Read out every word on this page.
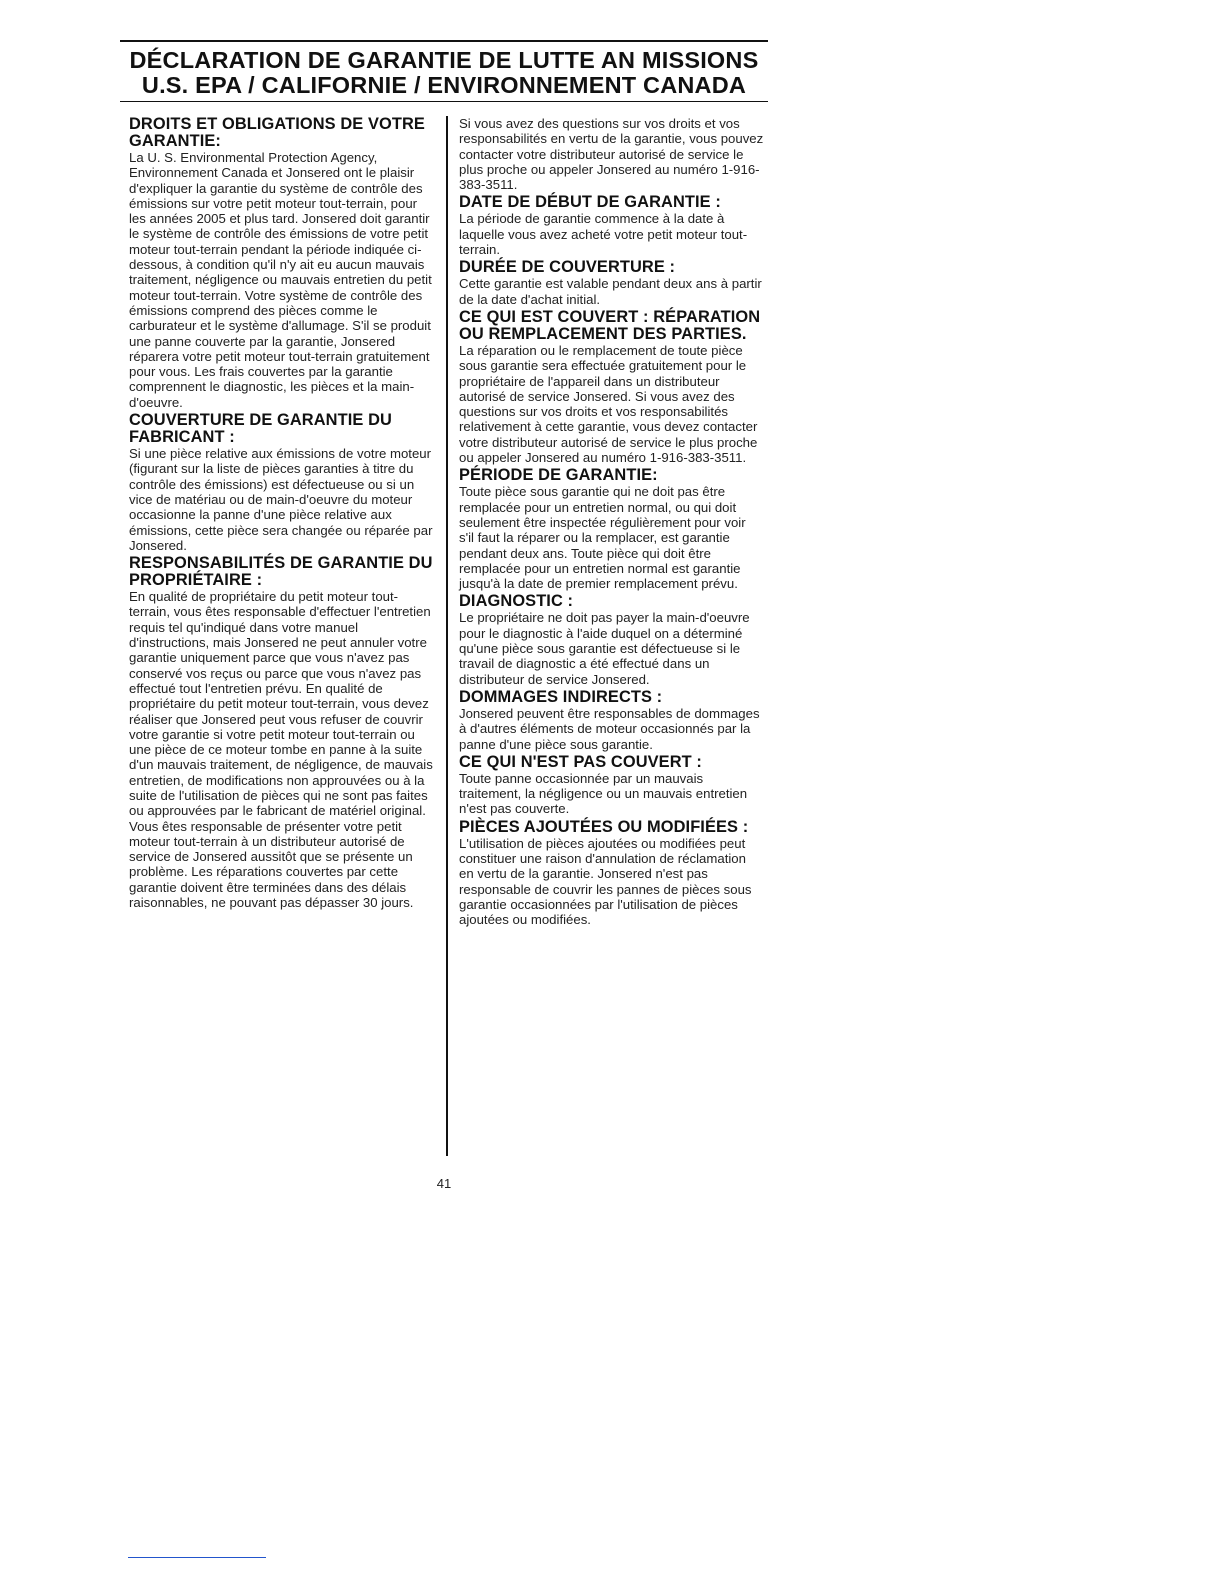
DÉCLARATION DE GARANTIE DE LUTTE AN MISSIONS
U.S. EPA / CALIFORNIE / ENVIRONNEMENT CANADA
DROITS ET OBLIGATIONS DE VOTRE GARANTIE:

La U. S. Environmental Protection Agency, Environnement Canada et Jonsered ont le plaisir d'expliquer la garantie du système de contrôle des émissions sur votre petit moteur tout-terrain, pour les années 2005 et plus tard. Jonsered doit garantir le système de contrôle des émissions de votre petit moteur tout-terrain pendant la période indiquée ci-dessous, à condition qu'il n'y ait eu aucun mauvais traitement, négligence ou mauvais entretien du petit moteur tout-terrain. Votre système de contrôle des émissions comprend des pièces comme le carburateur et le système d'allumage. S'il se produit une panne couverte par la garantie, Jonsered réparera votre petit moteur tout-terrain gratuitement pour vous. Les frais couvertes par la garantie comprennent le diagnostic, les pièces et la main-d'oeuvre.

COUVERTURE DE GARANTIE DU FABRICANT :

Si une pièce relative aux émissions de votre moteur (figurant sur la liste de pièces garanties à titre du contrôle des émissions) est défectueuse ou si un vice de matériau ou de main-d'oeuvre du moteur occasionne la panne d'une pièce relative aux émissions, cette pièce sera changée ou réparée par Jonsered.

RESPONSABILITÉS DE GARANTIE DU PROPRIÉTAIRE :

En qualité de propriétaire du petit moteur tout-terrain, vous êtes responsable d'effectuer l'entretien requis tel qu'indiqué dans votre manuel d'instructions, mais Jonsered ne peut annuler votre garantie uniquement parce que vous n'avez pas conservé vos reçus ou parce que vous n'avez pas effectué tout l'entretien prévu. En qualité de propriétaire du petit moteur tout-terrain, vous devez réaliser que Jonsered peut vous refuser de couvrir votre garantie si votre petit moteur tout-terrain ou une pièce de ce moteur tombe en panne à la suite d'un mauvais traitement, de négligence, de mauvais entretien, de modifications non approuvées ou à la suite de l'utilisation de pièces qui ne sont pas faites ou approuvées par le fabricant de matériel original. Vous êtes responsable de présenter votre petit moteur tout-terrain à un distributeur autorisé de service de Jonsered aussitôt que se présente un problème. Les réparations couvertes par cette garantie doivent être terminées dans des délais raisonnables, ne pouvant pas dépasser 30 jours.

Si vous avez des questions sur vos droits et vos responsabilités en vertu de la garantie, vous pouvez contacter votre distributeur autorisé de service le plus proche ou appeler Jonsered au numéro 1-916-383-3511.

DATE DE DÉBUT DE GARANTIE :

La période de garantie commence à la date à laquelle vous avez acheté votre petit moteur tout-terrain.

DURÉE DE COUVERTURE :

Cette garantie est valable pendant deux ans à partir de la date d'achat initial.

CE QUI EST COUVERT : RÉPARATION OU REMPLACEMENT DES PARTIES.

La réparation ou le remplacement de toute pièce sous garantie sera effectuée gratuitement pour le propriétaire de l'appareil dans un distributeur autorisé de service Jonsered. Si vous avez des questions sur vos droits et vos responsabilités relativement à cette garantie, vous devez contacter votre distributeur autorisé de service le plus proche ou appeler Jonsered au numéro 1-916-383-3511.

PÉRIODE DE GARANTIE:

Toute pièce sous garantie qui ne doit pas être remplacée pour un entretien normal, ou qui doit seulement être inspectée régulièrement pour voir s'il faut la réparer ou la remplacer, est garantie pendant deux ans. Toute pièce qui doit être remplacée pour un entretien normal est garantie jusqu'à la date de premier remplacement prévu.

DIAGNOSTIC :

Le propriétaire ne doit pas payer la main-d'oeuvre pour le diagnostic à l'aide duquel on a déterminé qu'une pièce sous garantie est défectueuse si le travail de diagnostic a été effectué dans un distributeur de service Jonsered.

DOMMAGES INDIRECTS :

Jonsered peuvent être responsables de dommages à d'autres éléments de moteur occasionnés par la panne d'une pièce sous garantie.

CE QUI N'EST PAS COUVERT :

Toute panne occasionnée par un mauvais traitement, la négligence ou un mauvais entretien n'est pas couverte.

PIÈCES AJOUTÉES OU MODIFIÉES :

L'utilisation de pièces ajoutées ou modifiées peut constituer une raison d'annulation de réclamation en vertu de la garantie. Jonsered n'est pas responsable de couvrir les pannes de pièces sous garantie occasionnées par l'utilisation de pièces ajoutées ou modifiées.

41
